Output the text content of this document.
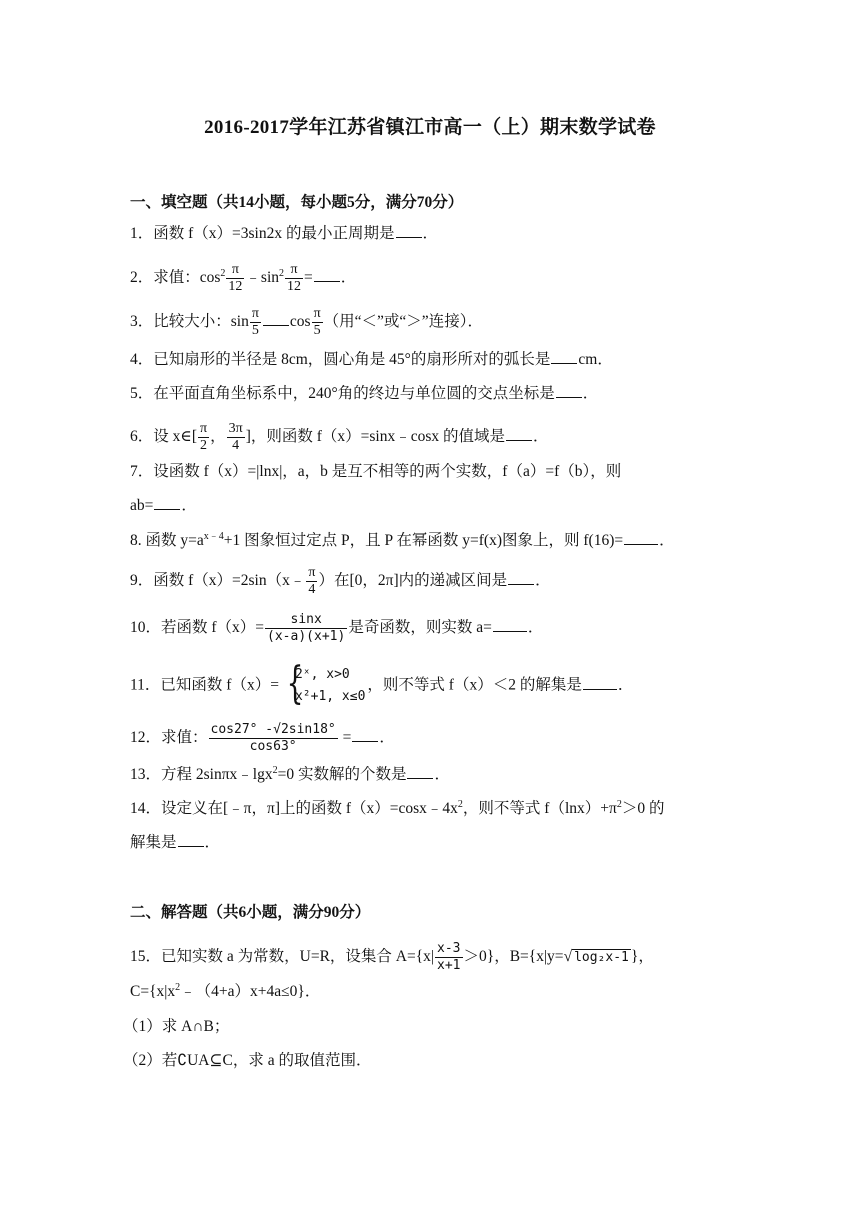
2016-2017学年江苏省镇江市高一（上）期末数学试卷
一、填空题（共14小题，每小题5分，满分70分）
1．函数 f（x）=3sin2x 的最小正周期是 ．
2．求值：$\cos^2 \frac{\pi}{12}$ $﹣\sin^2 \frac{\pi}{12}$ = ．
3．比较大小：$\sin \frac{\pi}{5}$ $\cos \frac{\pi}{5}$ （用“＜”或“＞”连接）．
4．已知扇形的半径是 8cm，圆心角是 45°的扇形所对的弧长是 cm．
5．在平面直角坐标系中，240°角的终边与单位圆的交点坐标是 ．
6．设 x∈[ $\frac{\pi}{2}$ ， $\frac{3\pi}{4}$ ]，则函数 f（x）=sinx﹣cosx 的值域是 ．
7．设函数 f（x）=|lnx|，a，b 是互不相等的两个实数，f（a）=f（b），则
ab= ．
8. 函数 $y=a^{x﹣4}+1$ 图象恒过定点 P，且 P 在幂函数 y=f(x)图象上，则 f(16)= ．
9．函数 f（x）=2sin（x﹣ $\frac{\pi}{4}$ ）在[0，2π]内的递减区间是 ．
10．若函数 $f(x)= \frac{\sin x}{(x-a)(x+1)}$ 是奇函数，则实数 a= ．
11．已知函数 f（x）= {
2ˣ, x>0
x²+1, x≤0
，则不等式 f（x）＜2 的解集是 ．
12．求值： $\frac{\cos 27^\circ -√2\sin 18^\circ}{\cos 63^\circ}$ = ．
13．方程 2sinπx﹣lgx$^2$=0 实数解的个数是 ．
14．设定义在[﹣π，π]上的函数 $f(x)=\cos x﹣4x^2$，则不等式 $f(\ln x)+\pi^2>0$ 的
解集是 ．
二、解答题（共6小题，满分90分）
15．已知实数 a 为常数，U=R，设集合 $A=\{x| \frac{x-3}{x+1} >0\}$，B={x|y=√ log₂x-1 }，
$C=\{x|x^2﹣(4+a)x+4a\le 0\}$．
（1）求 A∩B；
（2）若∁UA⊆C，求 a 的取值范围．
